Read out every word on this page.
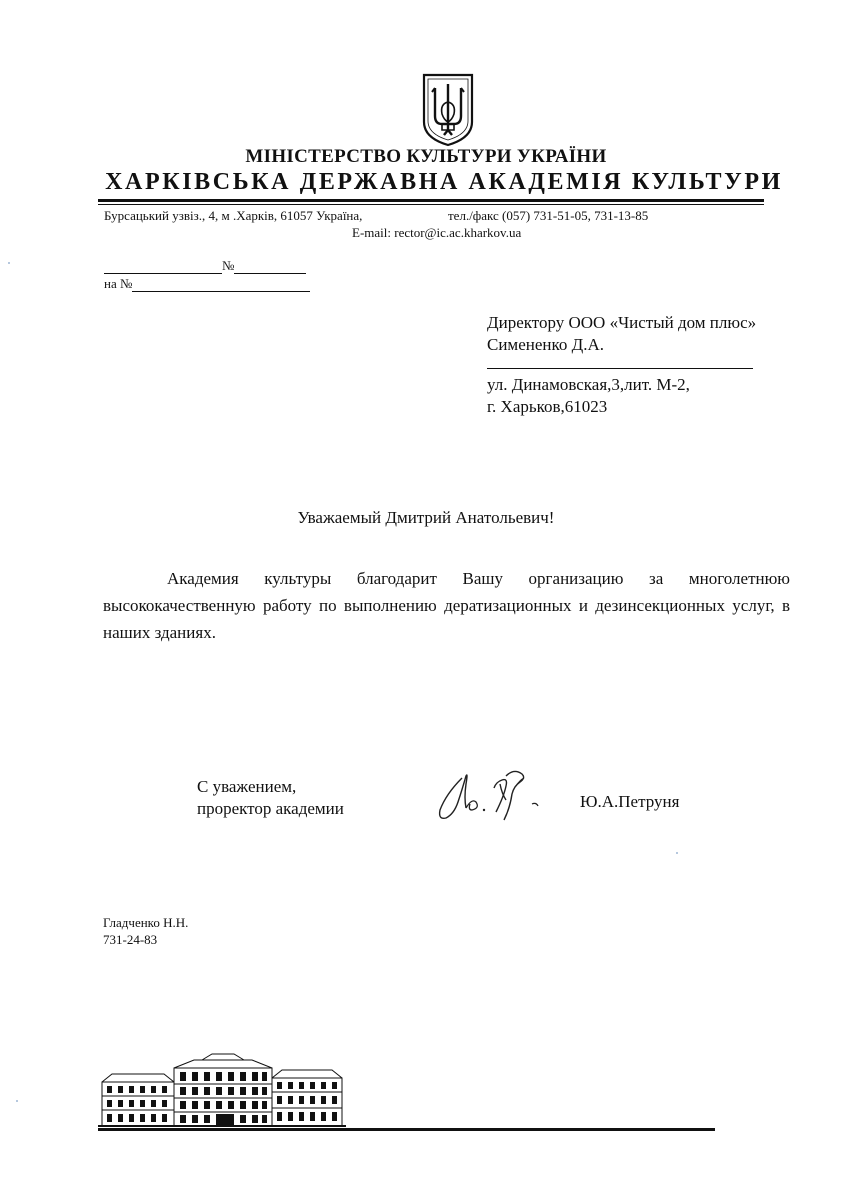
МІНІСТЕРСТВО КУЛЬТУРИ УКРАЇНИ
ХАРКІВСЬКА ДЕРЖАВНА АКАДЕМІЯ КУЛЬТУРИ
Бурсацький узвіз., 4, м .Харків, 61057 Україна,	тел./факс (057) 731-51-05, 731-13-85
E-mail: rector@ic.ac.kharkov.ua
№
на №
Директору ООО «Чистый дом плюс»
Симененко Д.А.
ул. Динамовская,3,лит. М-2,
г. Харьков,61023
Уважаемый Дмитрий Анатольевич!
Академия культуры благодарит Вашу организацию за многолетнюю высококачественную работу по выполнению дератизационных и дезинсекционных услуг, в наших зданиях.
С уважением,
проректор академии	Ю.А.Петруня
Гладченко Н.Н.
731-24-83
